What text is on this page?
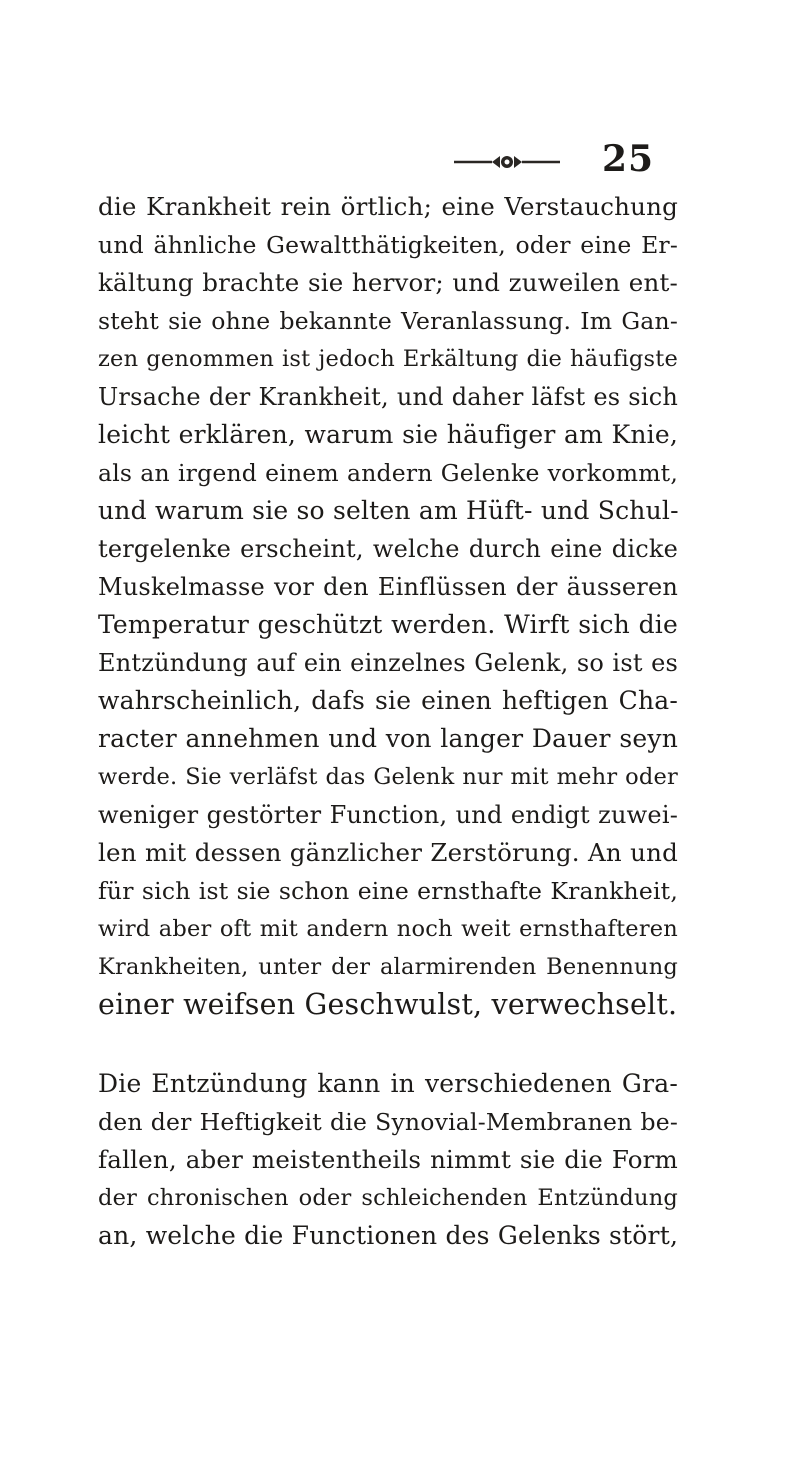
25
die Krankheit rein örtlich; eine Verstauchung
und ähnliche Gewaltthätigkeiten, oder eine Er-
kältung brachte sie hervor; und zuweilen ent-
steht sie ohne bekannte Veranlassung. Im Gan-
zen genommen ist jedoch Erkältung die häufigste
Ursache der Krankheit, und daher läfst es sich
leicht erklären, warum sie häufiger am Knie,
als an irgend einem andern Gelenke vorkommt,
und warum sie so selten am Hüft- und Schul-
tergelenke erscheint, welche durch eine dicke
Muskelmasse vor den Einflüssen der äusseren
Temperatur geschützt werden. Wirft sich die
Entzündung auf ein einzelnes Gelenk, so ist es
wahrscheinlich, dafs sie einen heftigen Cha-
racter annehmen und von langer Dauer seyn
werde. Sie verläfst das Gelenk nur mit mehr oder
weniger gestörter Function, und endigt zuwei-
len mit dessen gänzlicher Zerstörung. An und
für sich ist sie schon eine ernsthafte Krankheit,
wird aber oft mit andern noch weit ernsthafteren
Krankheiten, unter der alarmirenden Benennung
einer weifsen Geschwulst, verwechselt.
Die Entzündung kann in verschiedenen Gra-
den der Heftigkeit die Synovial-Membranen be-
fallen, aber meistentheils nimmt sie die Form
der chronischen oder schleichenden Entzündung
an, welche die Functionen des Gelenks stört,
